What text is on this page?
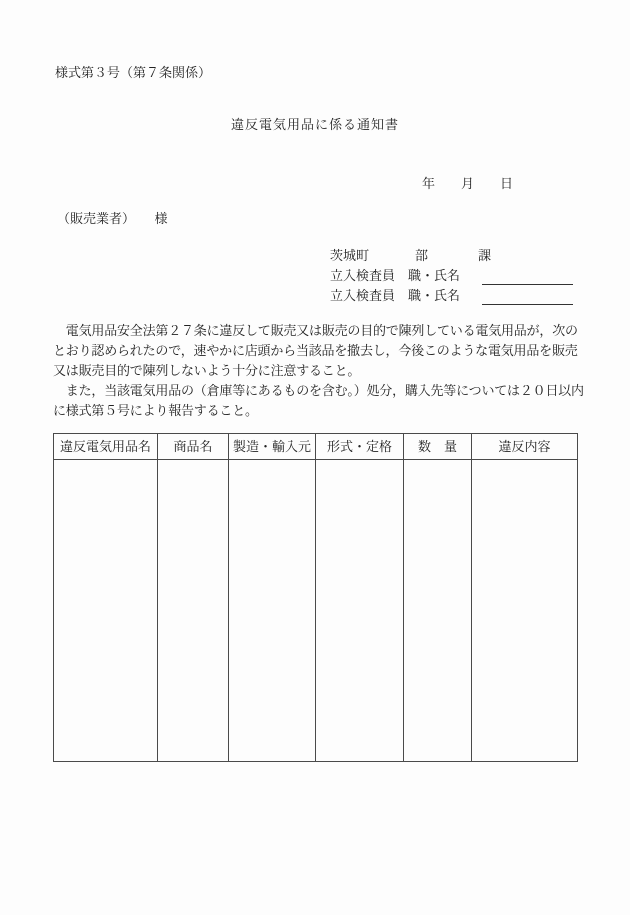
様式第３号（第７条関係）
違反電気用品に係る通知書
年　　月　　日
（販売業者）　　様
茨城町	部	課
立入検査員　職・氏名
立入検査員　職・氏名
　電気用品安全法第２７条に違反して販売又は販売の目的で陳列している電気用品が，次の
とおり認められたので，速やかに店頭から当該品を撤去し，今後このような電気用品を販売
又は販売目的で陳列しないよう十分に注意すること。
　また，当該電気用品の（倉庫等にあるものを含む。）処分，購入先等については２０日以内
に様式第５号により報告すること。
違反電気用品名	商品名	製造・輸入元	形式・定格	数　量	違反内容
